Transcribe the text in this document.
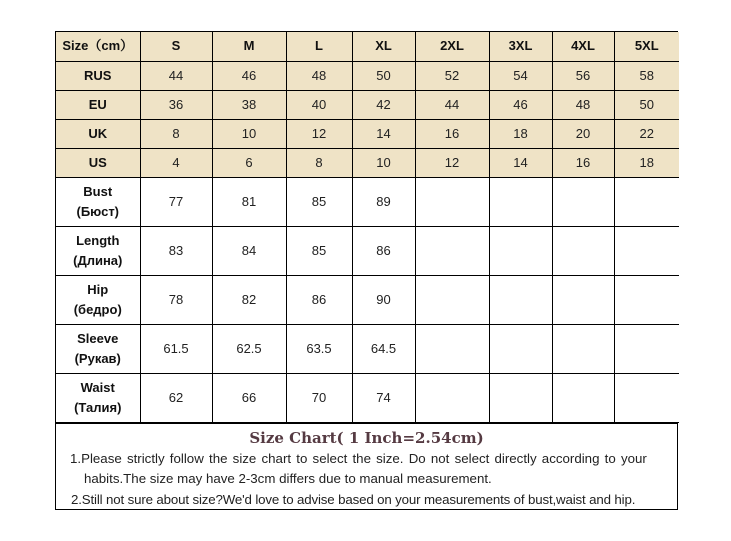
Size（cm）	S	M	L	XL	2XL	3XL	4XL	5XL
RUS	44	46	48	50	52	54	56	58
EU	36	38	40	42	44	46	48	50
UK	8	10	12	14	16	18	20	22
US	4	6	8	10	12	14	16	18
Bust
(Бюст)	77	81	85	89				
Length
(Длина)	83	84	85	86				
Hip
(бедро)	78	82	86	90				
Sleeve
(Рукав)	61.5	62.5	63.5	64.5				
Waist
(Талия)	62	66	70	74				
Size Chart( 1 Inch=2.54cm)
1.Please strictly follow the size chart to select the size. Do not select directly according to your
habits.The size may have 2-3cm differs due to manual measurement.
2.Still not sure about size?We'd love to advise based on your measurements of bust,waist and hip.
